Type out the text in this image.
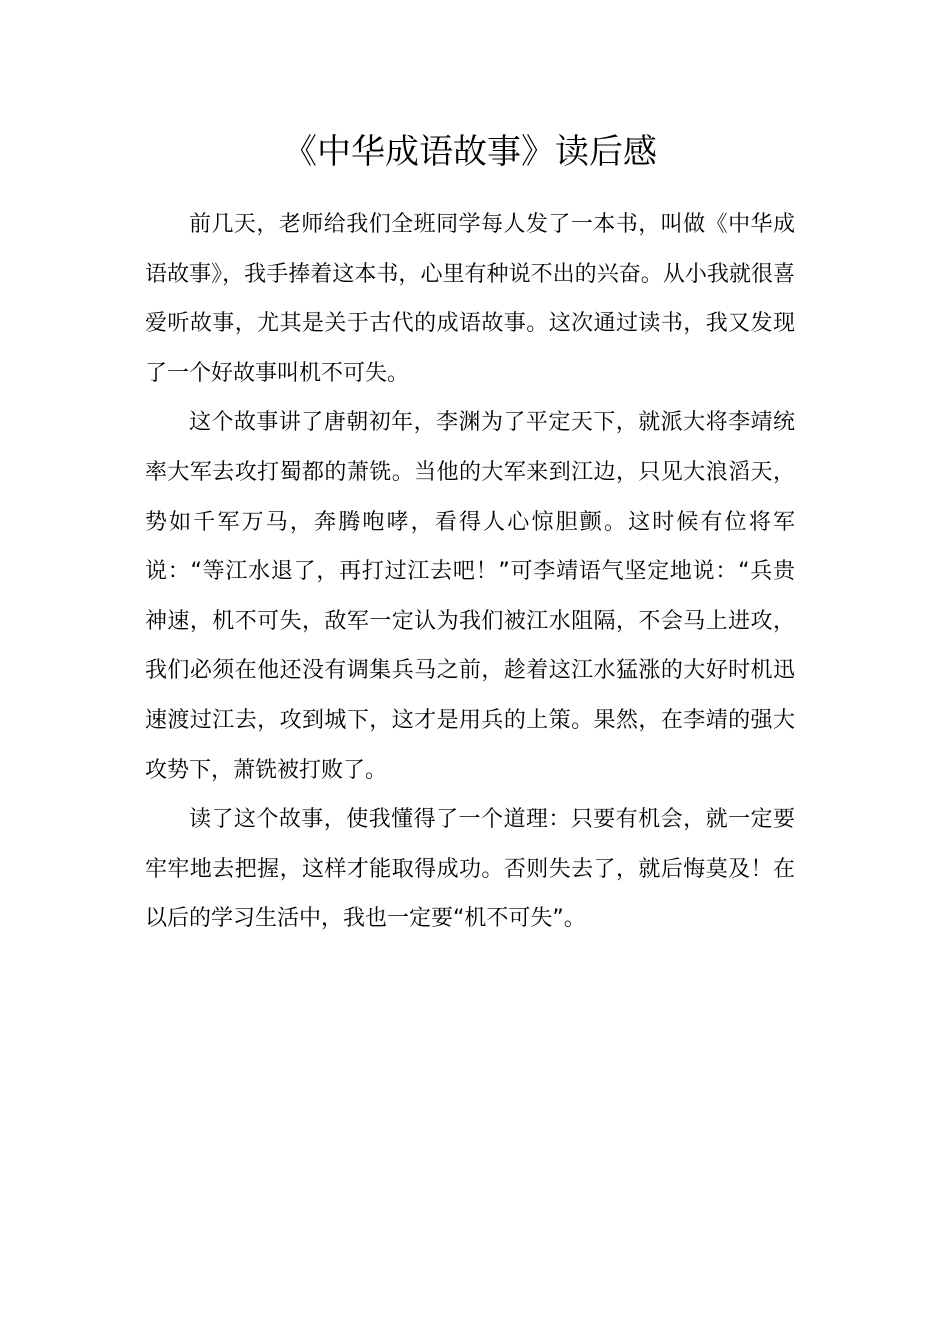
《中华成语故事》读后感

前几天，老师给我们全班同学每人发了一本书，叫做《中华成语故事》，我手捧着这本书，心里有种说不出的兴奋。从小我就很喜爱听故事，尤其是关于古代的成语故事。这次通过读书，我又发现了一个好故事叫机不可失。

这个故事讲了唐朝初年，李渊为了平定天下，就派大将李靖统率大军去攻打蜀都的萧铣。当他的大军来到江边，只见大浪滔天，势如千军万马，奔腾咆哮，看得人心惊胆颤。这时候有位将军说：“等江水退了，再打过江去吧！”可李靖语气坚定地说：“兵贵神速，机不可失，敌军一定认为我们被江水阻隔，不会马上进攻，我们必须在他还没有调集兵马之前，趁着这江水猛涨的大好时机迅速渡过江去，攻到城下，这才是用兵的上策。果然，在李靖的强大攻势下，萧铣被打败了。

读了这个故事，使我懂得了一个道理：只要有机会，就一定要牢牢地去把握，这样才能取得成功。否则失去了，就后悔莫及！在以后的学习生活中，我也一定要“机不可失”。
